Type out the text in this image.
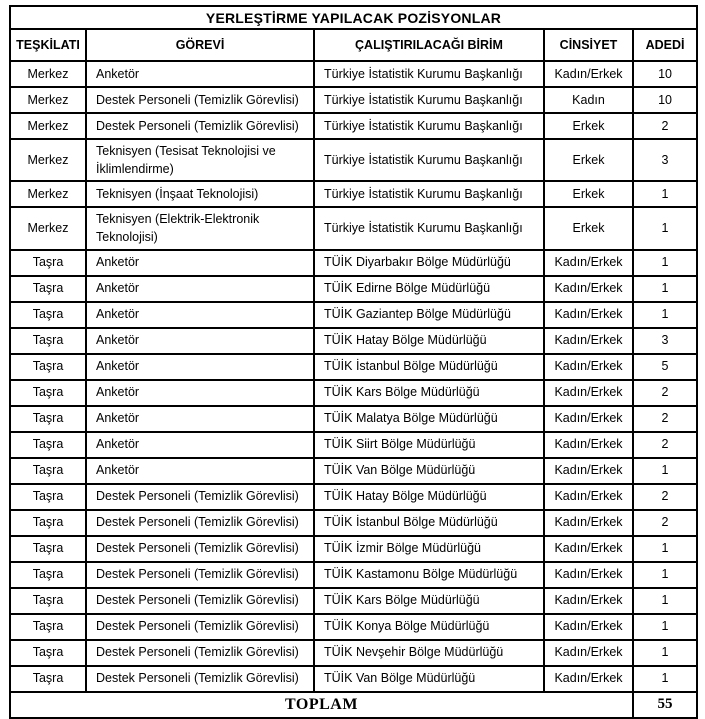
YERLEŞTİRME YAPILACAK POZİSYONLAR				
TEŞKİLATI	GÖREVİ	ÇALIŞTIRILACAĞI BİRİM	CİNSİYET	ADEDİ
Merkez	Anketör	Türkiye İstatistik Kurumu Başkanlığı	Kadın/Erkek	10
Merkez	Destek Personeli (Temizlik Görevlisi)	Türkiye İstatistik Kurumu Başkanlığı	Kadın	10
Merkez	Destek Personeli (Temizlik Görevlisi)	Türkiye İstatistik Kurumu Başkanlığı	Erkek	2
Merkez	Teknisyen (Tesisat Teknolojisi ve İklimlendirme)	Türkiye İstatistik Kurumu Başkanlığı	Erkek	3
Merkez	Teknisyen (İnşaat Teknolojisi)	Türkiye İstatistik Kurumu Başkanlığı	Erkek	1
Merkez	Teknisyen (Elektrik-Elektronik Teknolojisi)	Türkiye İstatistik Kurumu Başkanlığı	Erkek	1
Taşra	Anketör	TÜİK Diyarbakır Bölge Müdürlüğü	Kadın/Erkek	1
Taşra	Anketör	TÜİK Edirne Bölge Müdürlüğü	Kadın/Erkek	1
Taşra	Anketör	TÜİK Gaziantep Bölge Müdürlüğü	Kadın/Erkek	1
Taşra	Anketör	TÜİK Hatay Bölge Müdürlüğü	Kadın/Erkek	3
Taşra	Anketör	TÜİK İstanbul Bölge Müdürlüğü	Kadın/Erkek	5
Taşra	Anketör	TÜİK Kars Bölge Müdürlüğü	Kadın/Erkek	2
Taşra	Anketör	TÜİK Malatya Bölge Müdürlüğü	Kadın/Erkek	2
Taşra	Anketör	TÜİK Siirt Bölge Müdürlüğü	Kadın/Erkek	2
Taşra	Anketör	TÜİK Van Bölge Müdürlüğü	Kadın/Erkek	1
Taşra	Destek Personeli (Temizlik Görevlisi)	TÜİK Hatay Bölge Müdürlüğü	Kadın/Erkek	2
Taşra	Destek Personeli (Temizlik Görevlisi)	TÜİK İstanbul Bölge Müdürlüğü	Kadın/Erkek	2
Taşra	Destek Personeli (Temizlik Görevlisi)	TÜİK İzmir Bölge Müdürlüğü	Kadın/Erkek	1
Taşra	Destek Personeli (Temizlik Görevlisi)	TÜİK Kastamonu Bölge Müdürlüğü	Kadın/Erkek	1
Taşra	Destek Personeli (Temizlik Görevlisi)	TÜİK Kars Bölge Müdürlüğü	Kadın/Erkek	1
Taşra	Destek Personeli (Temizlik Görevlisi)	TÜİK Konya Bölge Müdürlüğü	Kadın/Erkek	1
Taşra	Destek Personeli (Temizlik Görevlisi)	TÜİK Nevşehir Bölge Müdürlüğü	Kadın/Erkek	1
Taşra	Destek Personeli (Temizlik Görevlisi)	TÜİK Van Bölge Müdürlüğü	Kadın/Erkek	1
TOPLAM				55
